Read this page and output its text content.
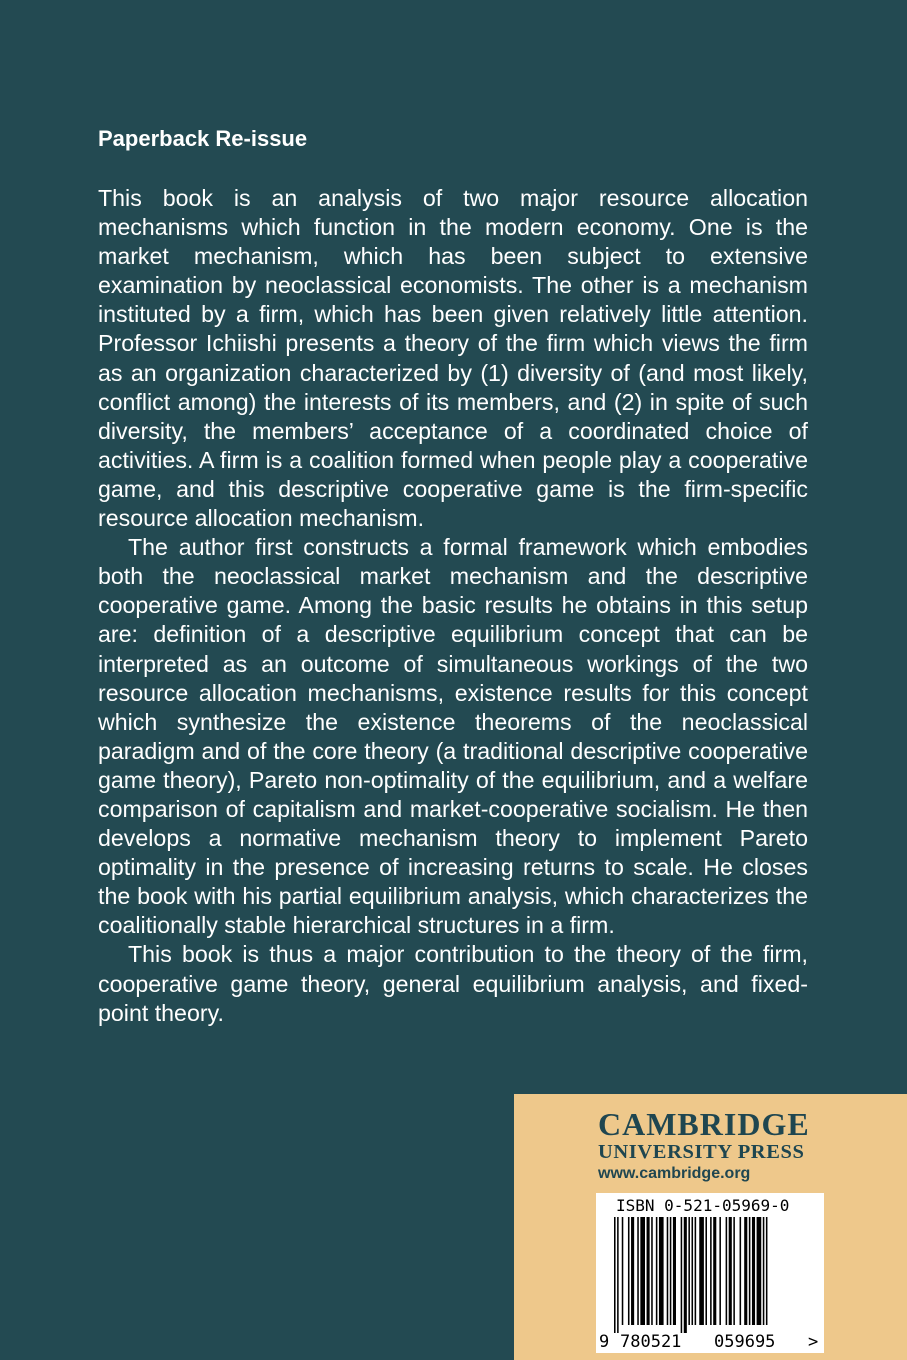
Paperback Re-issue

This book is an analysis of two major resource allocation mechanisms which function in the modern economy. One is the market mechanism, which has been subject to extensive examination by neoclassical economists. The other is a mechanism instituted by a firm, which has been given relatively little attention. Professor Ichiishi presents a theory of the firm which views the firm as an organization characterized by (1) diversity of (and most likely, conflict among) the interests of its members, and (2) in spite of such diversity, the members’ acceptance of a coordinated choice of activities. A firm is a coalition formed when people play a cooperative game, and this descriptive cooperative game is the firm-specific resource allocation mechanism.

The author first constructs a formal framework which embodies both the neoclassical market mechanism and the descriptive cooperative game. Among the basic results he obtains in this setup are: definition of a descriptive equilibrium concept that can be interpreted as an outcome of simultaneous workings of the two resource allocation mechanisms, existence results for this concept which synthesize the existence theorems of the neoclassical paradigm and of the core theory (a traditional descriptive cooperative game theory), Pareto non-optimality of the equilibrium, and a welfare comparison of capitalism and market-cooperative socialism. He then develops a normative mechanism theory to implement Pareto optimality in the presence of increasing returns to scale. He closes the book with his partial equilibrium analysis, which characterizes the coalitionally stable hierarchical structures in a firm.

This book is thus a major contribution to the theory of the firm, cooperative game theory, general equilibrium analysis, and fixed-point theory.

CAMBRIDGE

UNIVERSITY PRESS

www.cambridge.org

ISBN 0-521-05969-0
9 780521 059695 >
